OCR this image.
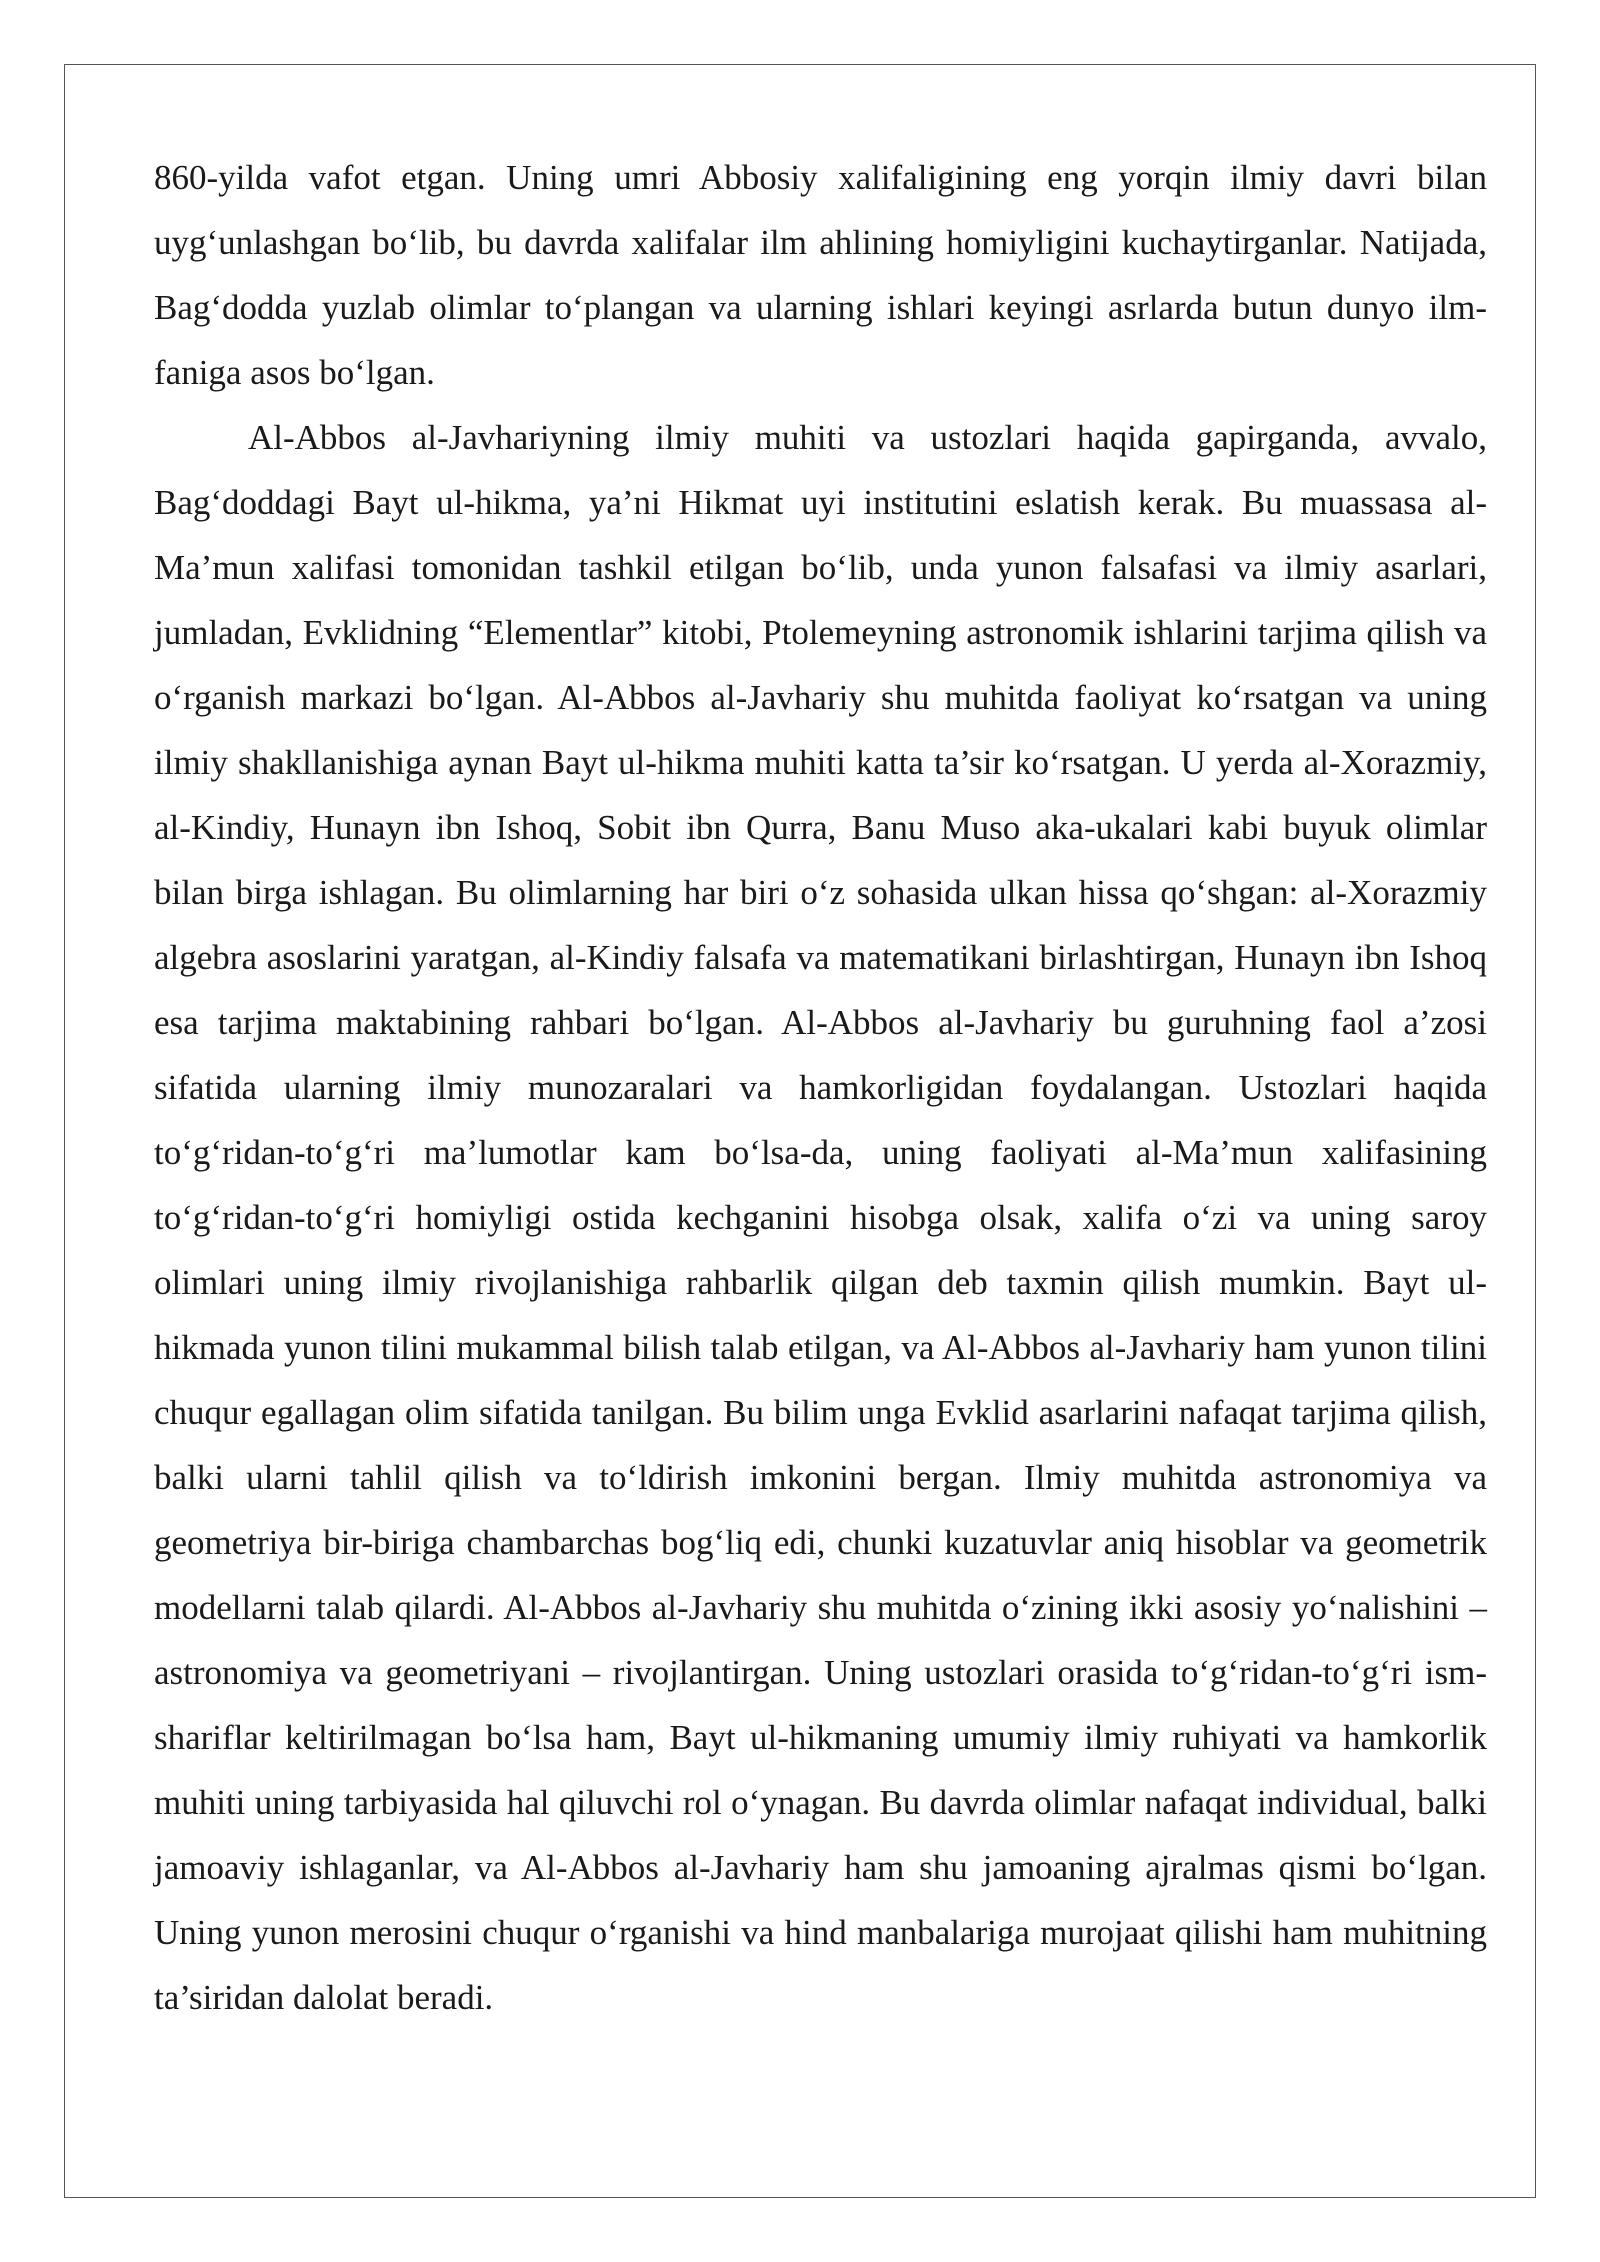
860-yilda vafot etgan. Uning umri Abbosiy xalifaligining eng yorqin ilmiy davri bilan uyg‘unlashgan bo‘lib, bu davrda xalifalar ilm ahlining homiyligini kuchaytirganlar. Natijada, Bag‘dodda yuzlab olimlar to‘plangan va ularning ishlari keyingi asrlarda butun dunyo ilm-faniga asos bo‘lgan.

Al-Abbos al-Javhariyning ilmiy muhiti va ustozlari haqida gapirganda, avvalo, Bag‘doddagi Bayt ul-hikma, ya’ni Hikmat uyi institutini eslatish kerak. Bu muassasa al-Ma’mun xalifasi tomonidan tashkil etilgan bo‘lib, unda yunon falsafasi va ilmiy asarlari, jumladan, Evklidning “Elementlar” kitobi, Ptolemeyning astronomik ishlarini tarjima qilish va o‘rganish markazi bo‘lgan. Al-Abbos al-Javhariy shu muhitda faoliyat ko‘rsatgan va uning ilmiy shakllanishiga aynan Bayt ul-hikma muhiti katta ta’sir ko‘rsatgan. U yerda al-Xorazmiy, al-Kindiy, Hunayn ibn Ishoq, Sobit ibn Qurra, Banu Muso aka-ukalari kabi buyuk olimlar bilan birga ishlagan. Bu olimlarning har biri o‘z sohasida ulkan hissa qo‘shgan: al-Xorazmiy algebra asoslarini yaratgan, al-Kindiy falsafa va matematikani birlashtirgan, Hunayn ibn Ishoq esa tarjima maktabining rahbari bo‘lgan. Al-Abbos al-Javhariy bu guruhning faol a’zosi sifatida ularning ilmiy munozaralari va hamkorligidan foydalangan. Ustozlari haqida to‘g‘ridan-to‘g‘ri ma’lumotlar kam bo‘lsa-da, uning faoliyati al-Ma’mun xalifasining to‘g‘ridan-to‘g‘ri homiyligi ostida kechganini hisobga olsak, xalifa o‘zi va uning saroy olimlari uning ilmiy rivojlanishiga rahbarlik qilgan deb taxmin qilish mumkin. Bayt ul-hikmada yunon tilini mukammal bilish talab etilgan, va Al-Abbos al-Javhariy ham yunon tilini chuqur egallagan olim sifatida tanilgan. Bu bilim unga Evklid asarlarini nafaqat tarjima qilish, balki ularni tahlil qilish va to‘ldirish imkonini bergan. Ilmiy muhitda astronomiya va geometriya bir-biriga chambarchas bog‘liq edi, chunki kuzatuvlar aniq hisoblar va geometrik modellarni talab qilardi. Al-Abbos al-Javhariy shu muhitda o‘zining ikki asosiy yo‘nalishini – astronomiya va geometriyani – rivojlantirgan. Uning ustozlari orasida to‘g‘ridan-to‘g‘ri ism-shariflar keltirilmagan bo‘lsa ham, Bayt ul-hikmaning umumiy ilmiy ruhiyati va hamkorlik muhiti uning tarbiyasida hal qiluvchi rol o‘ynagan. Bu davrda olimlar nafaqat individual, balki jamoaviy ishlaganlar, va Al-Abbos al-Javhariy ham shu jamoaning ajralmas qismi bo‘lgan. Uning yunon merosini chuqur o‘rganishi va hind manbalariga murojaat qilishi ham muhitning ta’siridan dalolat beradi.
